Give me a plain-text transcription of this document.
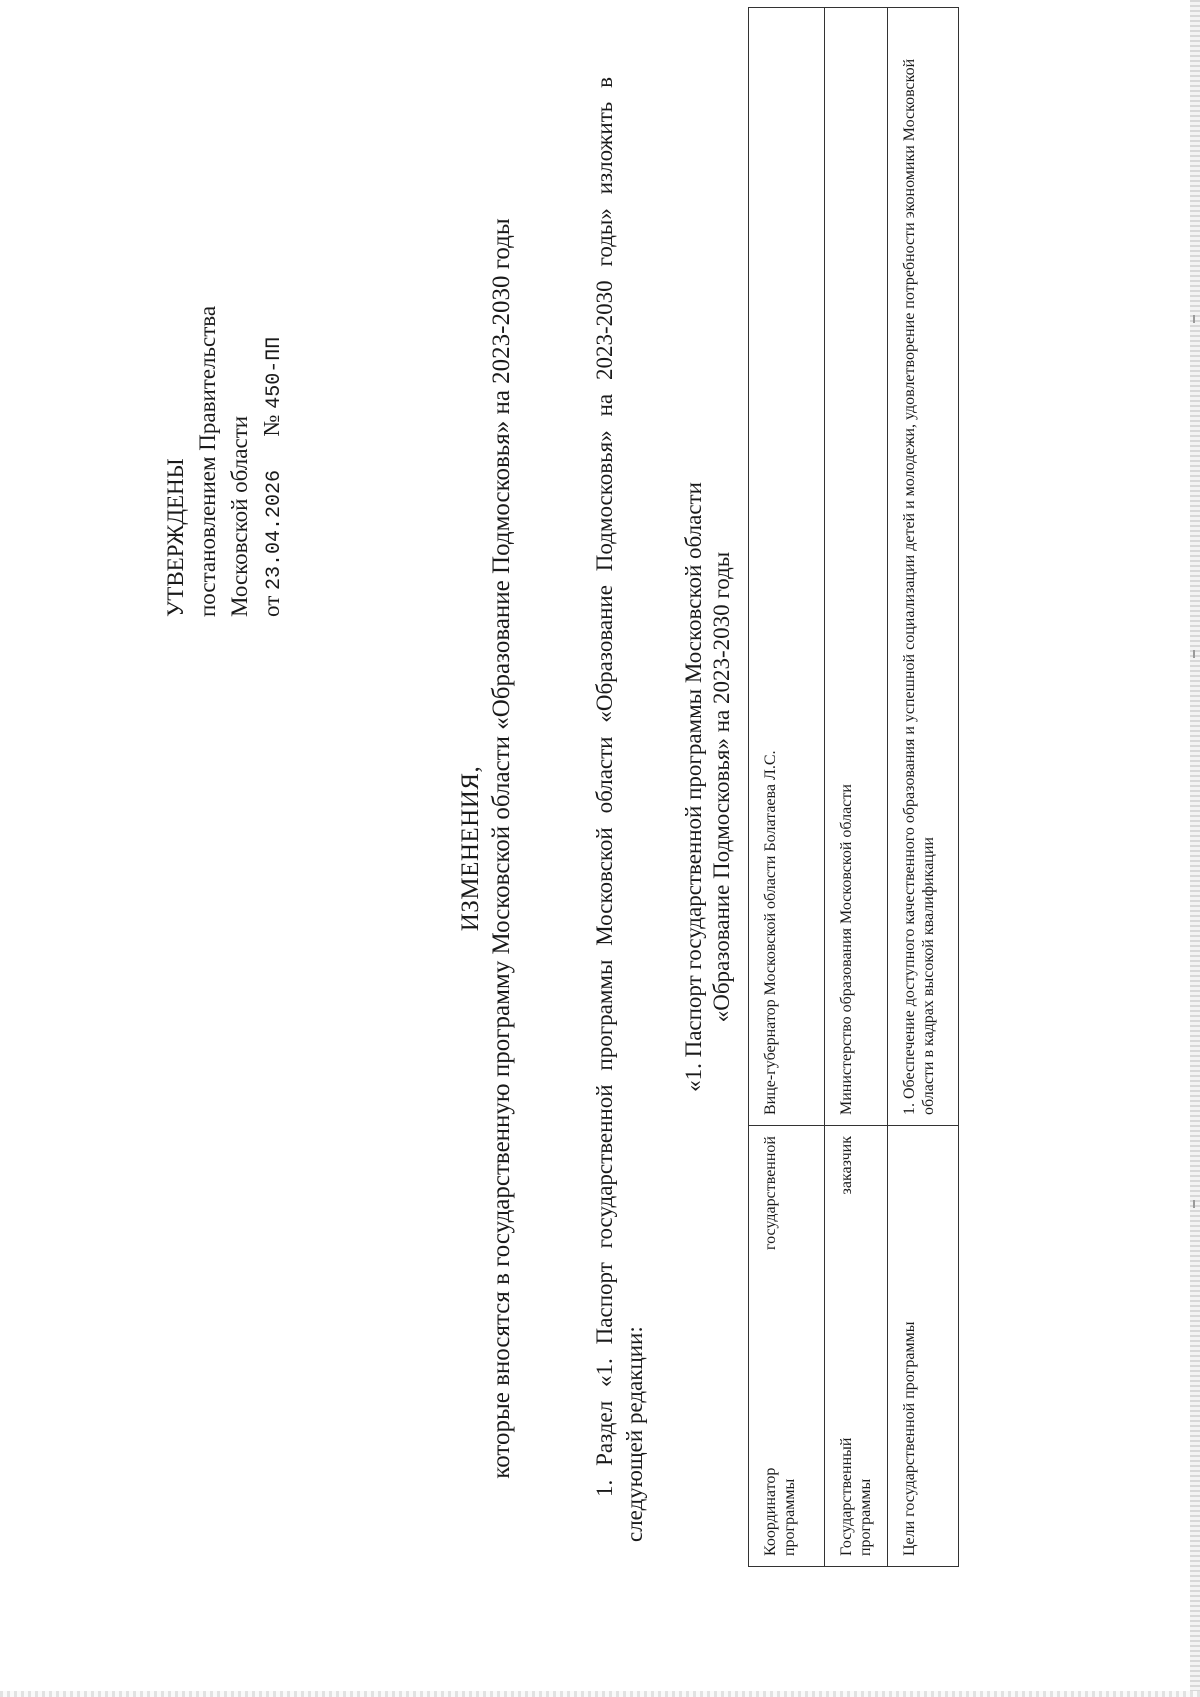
УТВЕРЖДЕНЫ постановлением Правительства Московской области от 23.04.2026  № 450-ПП
ИЗМЕНЕНИЯ, которые вносятся в государственную программу Московской области «Образование Подмосковья» на 2023-2030 годы	1. Раздел «1. Паспорт государственной программы Московской области «Образование Подмосковья» на 2023-2030 годы» изложить в следующей редакции:
«1. Паспорт государственной программы Московской области «Образование Подмосковья» на 2023-2030 годы
Координатор
государственной
программы	Вице-губернатор Московской области Болатаева Л.С.

Государственный
заказчик
программы	Министерство образования Московской области

Цели государственной программы	1. Обеспечение доступного качественного образования и успешной социализации детей и молодежи, удовлетворение потребности экономики Московской области в кадрах высокой квалификации
